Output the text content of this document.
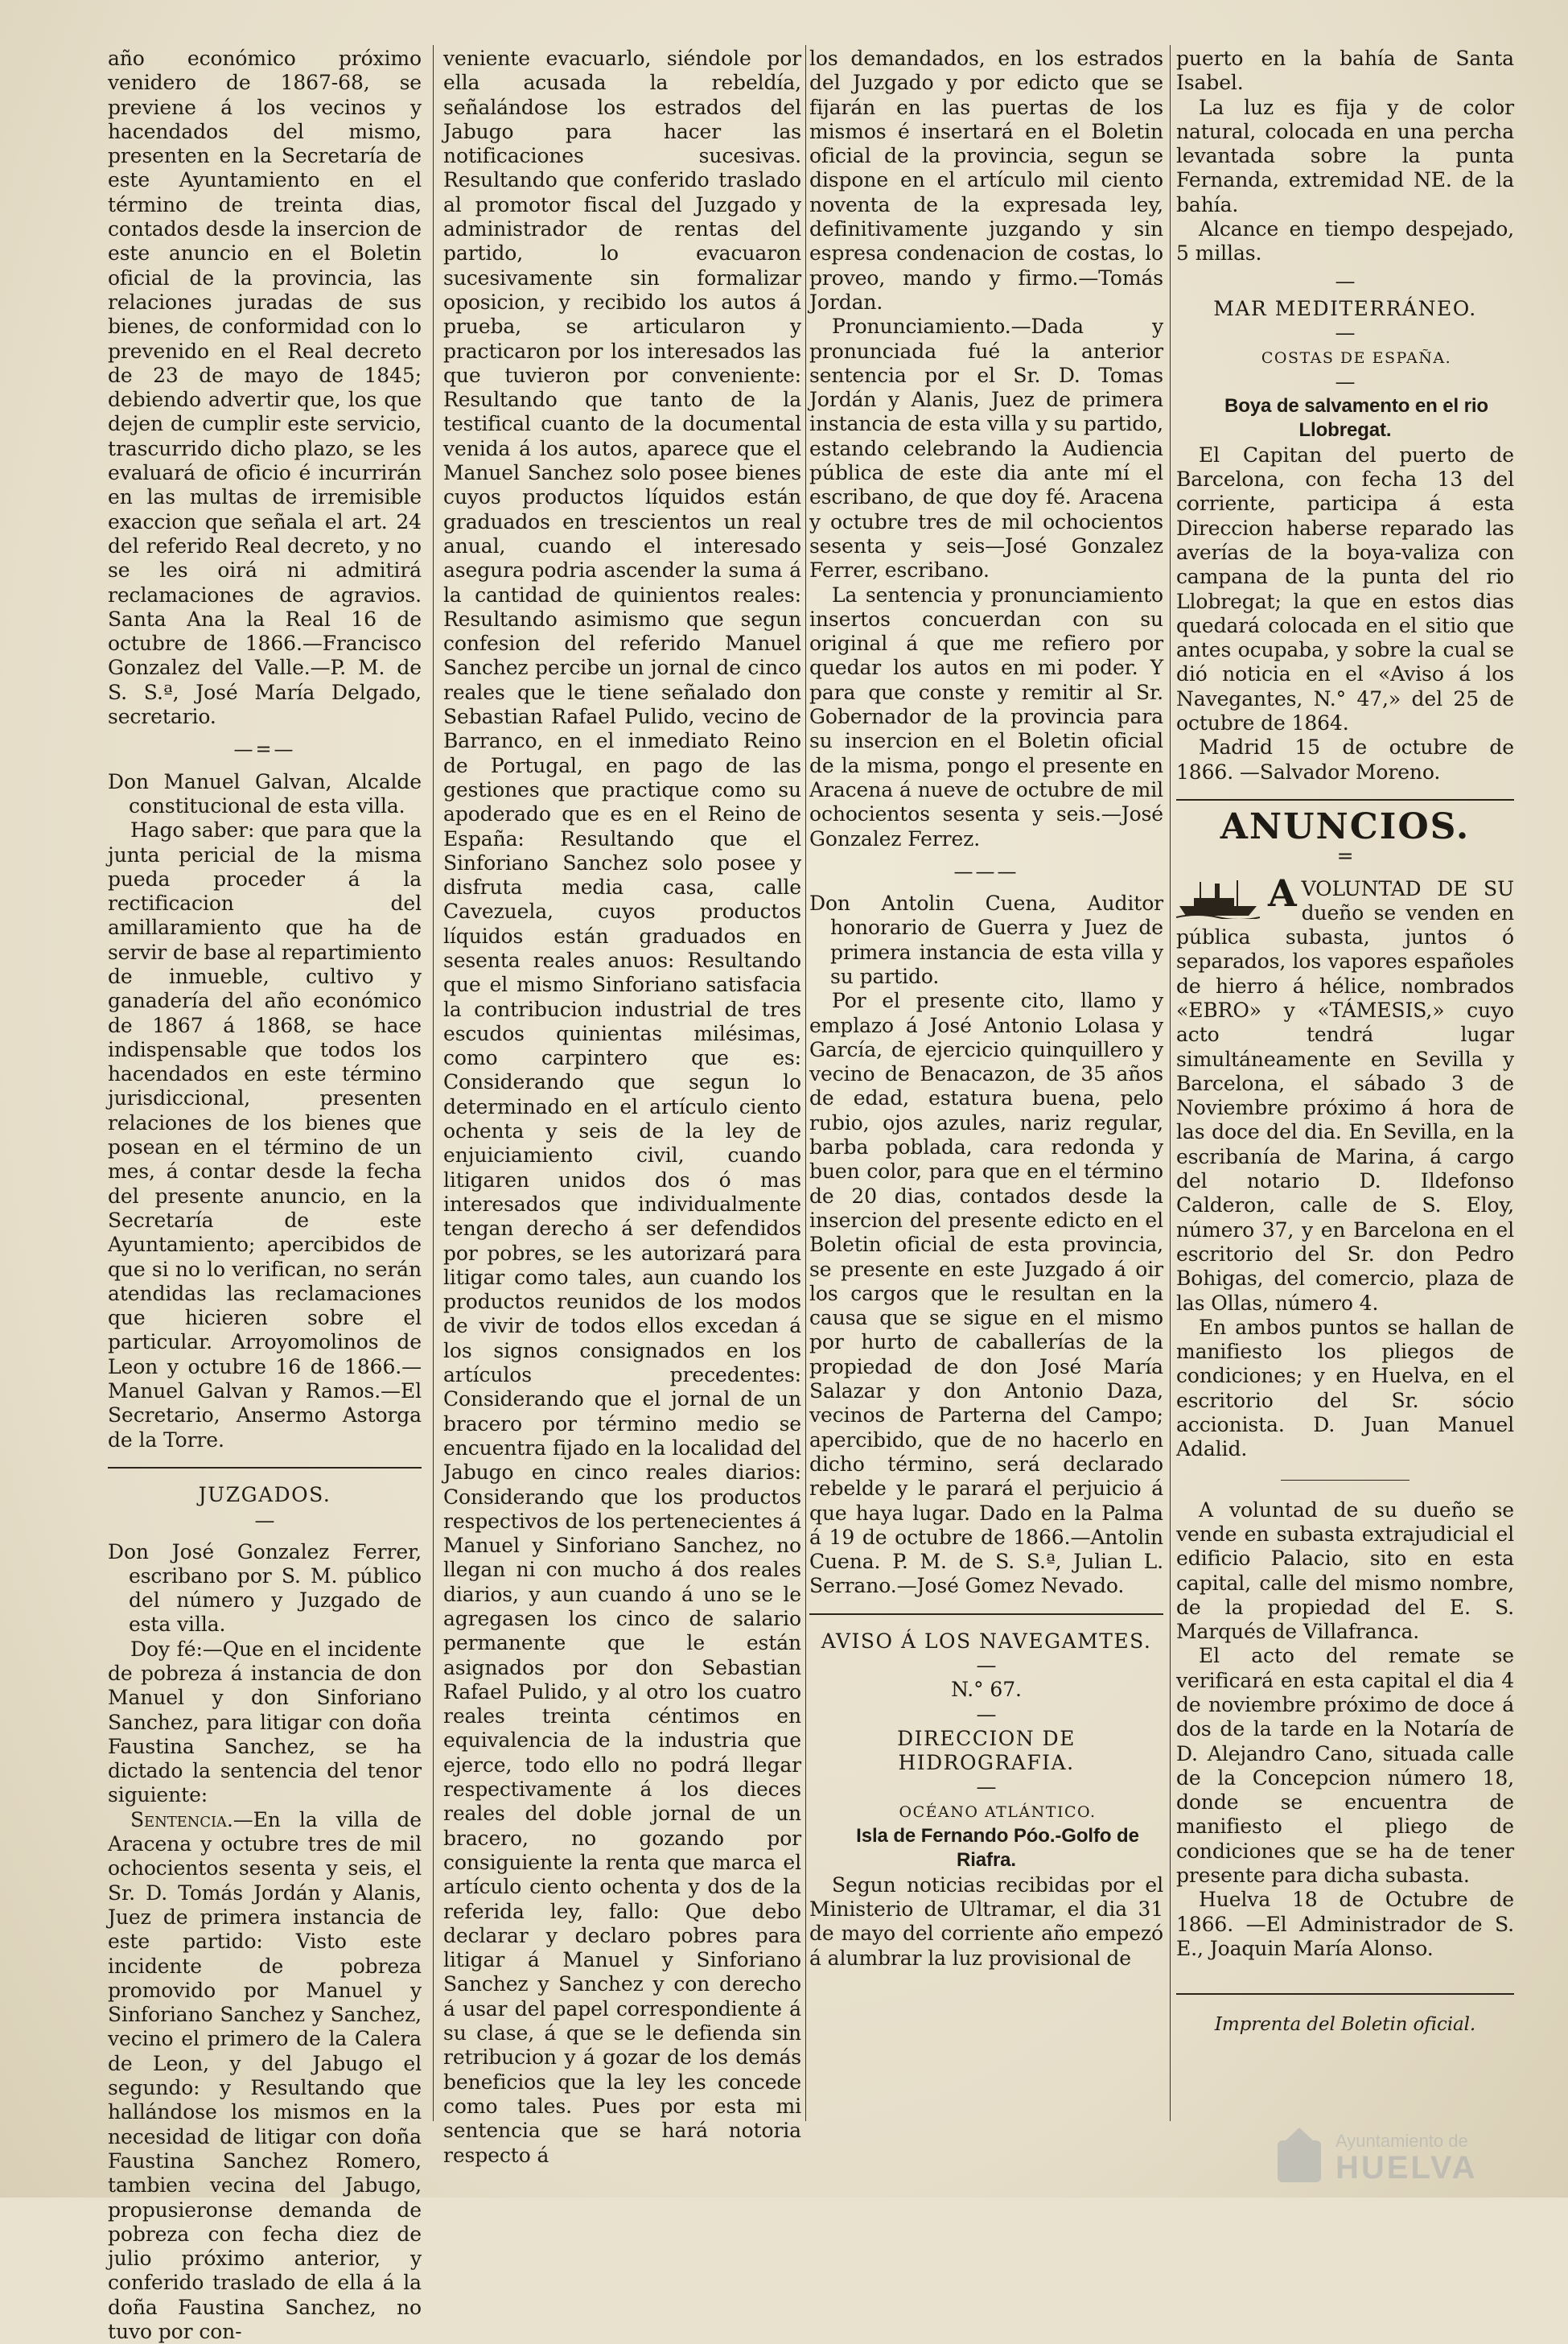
año económico próximo venidero de 1867-68, se previene á los vecinos y hacendados del mismo, presenten en la Secretaría de este Ayuntamiento en el término de treinta dias, contados desde la insercion de este anuncio en el Boletin oficial de la provincia, las relaciones juradas de sus bienes, de conformidad con lo prevenido en el Real decreto de 23 de mayo de 1845; debiendo advertir que, los que dejen de cumplir este servicio, trascurrido dicho plazo, se les evaluará de oficio é incurrirán en las multas de irremisible exaccion que señala el art. 24 del referido Real decreto, y no se les oirá ni admitirá reclamaciones de agravios. Santa Ana la Real 16 de octubre de 1866.—Francisco Gonzalez del Valle.—P. M. de S. S.ª, José María Delgado, secretario.

—=—

Don Manuel Galvan, Alcalde constitucional de esta villa.

Hago saber: que para que la junta pericial de la misma pueda proceder á la rectificacion del amillaramiento que ha de servir de base al repartimiento de inmueble, cultivo y ganadería del año económico de 1867 á 1868, se hace indispensable que todos los hacendados en este término jurisdiccional, presenten relaciones de los bienes que posean en el término de un mes, á contar desde la fecha del presente anuncio, en la Secretaría de este Ayuntamiento; apercibidos de que si no lo verifican, no serán atendidas las reclamaciones que hicieren sobre el particular. Arroyomolinos de Leon y octubre 16 de 1866.—Manuel Galvan y Ramos.—El Secretario, Ansermo Astorga de la Torre.

JUZGADOS.

—

Don José Gonzalez Ferrer, escribano por S. M. público del número y Juzgado de esta villa.

Doy fé:—Que en el incidente de pobreza á instancia de don Manuel y don Sinforiano Sanchez, para litigar con doña Faustina Sanchez, se ha dictado la sentencia del tenor siguiente:

Sentencia.—En la villa de Aracena y octubre tres de mil ochocientos sesenta y seis, el Sr. D. Tomás Jordán y Alanis, Juez de primera instancia de este partido: Visto este incidente de pobreza promovido por Manuel y Sinforiano Sanchez y Sanchez, vecino el primero de la Calera de Leon, y del Jabugo el segundo: y Resultando que hallándose los mismos en la necesidad de litigar con doña Faustina Sanchez Romero, tambien vecina del Jabugo, propusieronse demanda de pobreza con fecha diez de julio próximo anterior, y conferido traslado de ella á la doña Faustina Sanchez, no tuvo por con-

veniente evacuarlo, siéndole por ella acusada la rebeldía, señalándose los estrados del Jabugo para hacer las notificaciones sucesivas. Resultando que conferido traslado al promotor fiscal del Juzgado y administrador de rentas del partido, lo evacuaron sucesivamente sin formalizar oposicion, y recibido los autos á prueba, se articularon y practicaron por los interesados las que tuvieron por conveniente: Resultando que tanto de la testifical cuanto de la documental venida á los autos, aparece que el Manuel Sanchez solo posee bienes cuyos productos líquidos están graduados en trescientos un real anual, cuando el interesado asegura podria ascender la suma á la cantidad de quinientos reales: Resultando asimismo que segun confesion del referido Manuel Sanchez percibe un jornal de cinco reales que le tiene señalado don Sebastian Rafael Pulido, vecino de Barranco, en el inmediato Reino de Portugal, en pago de las gestiones que practique como su apoderado que es en el Reino de España: Resultando que el Sinforiano Sanchez solo posee y disfruta media casa, calle Cavezuela, cuyos productos líquidos están graduados en sesenta reales anuos: Resultando que el mismo Sinforiano satisfacia la contribucion industrial de tres escudos quinientas milésimas, como carpintero que es: Considerando que segun lo determinado en el artículo ciento ochenta y seis de la ley de enjuiciamiento civil, cuando litigaren unidos dos ó mas interesados que individualmente tengan derecho á ser defendidos por pobres, se les autorizará para litigar como tales, aun cuando los productos reunidos de los modos de vivir de todos ellos excedan á los signos consignados en los artículos precedentes: Considerando que el jornal de un bracero por término medio se encuentra fijado en la localidad del Jabugo en cinco reales diarios: Considerando que los productos respectivos de los pertenecientes á Manuel y Sinforiano Sanchez, no llegan ni con mucho á dos reales diarios, y aun cuando á uno se le agregasen los cinco de salario permanente que le están asignados por don Sebastian Rafael Pulido, y al otro los cuatro reales treinta céntimos en equivalencia de la industria que ejerce, todo ello no podrá llegar respectivamente á los dieces reales del doble jornal de un bracero, no gozando por consiguiente la renta que marca el artículo ciento ochenta y dos de la referida ley, fallo: Que debo declarar y declaro pobres para litigar á Manuel y Sinforiano Sanchez y Sanchez y con derecho á usar del papel correspondiente á su clase, á que se le defienda sin retribucion y á gozar de los demás beneficios que la ley les concede como tales. Pues por esta mi sentencia que se hará notoria respecto á

los demandados, en los estrados del Juzgado y por edicto que se fijarán en las puertas de los mismos é insertará en el Boletin oficial de la provincia, segun se dispone en el artículo mil ciento noventa de la expresada ley, definitivamente juzgando y sin espresa condenacion de costas, lo proveo, mando y firmo.—Tomás Jordan.

Pronunciamiento.—Dada y pronunciada fué la anterior sentencia por el Sr. D. Tomas Jordán y Alanis, Juez de primera instancia de esta villa y su partido, estando celebrando la Audiencia pública de este dia ante mí el escribano, de que doy fé. Aracena y octubre tres de mil ochocientos sesenta y seis—José Gonzalez Ferrer, escribano.

La sentencia y pronunciamiento insertos concuerdan con su original á que me refiero por quedar los autos en mi poder. Y para que conste y remitir al Sr. Gobernador de la provincia para su insercion en el Boletin oficial de la misma, pongo el presente en Aracena á nueve de octubre de mil ochocientos sesenta y seis.—José Gonzalez Ferrez.

———

Don Antolin Cuena, Auditor honorario de Guerra y Juez de primera instancia de esta villa y su partido.

Por el presente cito, llamo y emplazo á José Antonio Lolasa y García, de ejercicio quinquillero y vecino de Benacazon, de 35 años de edad, estatura buena, pelo rubio, ojos azules, nariz regular, barba poblada, cara redonda y buen color, para que en el término de 20 dias, contados desde la insercion del presente edicto en el Boletin oficial de esta provincia, se presente en este Juzgado á oir los cargos que le resultan en la causa que se sigue en el mismo por hurto de caballerías de la propiedad de don José María Salazar y don Antonio Daza, vecinos de Parterna del Campo; apercibido, que de no hacerlo en dicho término, será declarado rebelde y le parará el perjuicio á que haya lugar. Dado en la Palma á 19 de octubre de 1866.—Antolin Cuena. P. M. de S. S.ª, Julian L. Serrano.—José Gomez Nevado.

AVISO Á LOS NAVEGAMTES.

—

N.° 67.

—

DIRECCION DE HIDROGRAFIA.

—

OCÉANO ATLÁNTICO.

Isla de Fernando Póo.-Golfo de Riafra.

Segun noticias recibidas por el Ministerio de Ultramar, el dia 31 de mayo del corriente año empezó á alumbrar la luz provisional de

puerto en la bahía de Santa Isabel.

La luz es fija y de color natural, colocada en una percha levantada sobre la punta Fernanda, extremidad NE. de la bahía.

Alcance en tiempo despejado, 5 millas.

—

MAR MEDITERRÁNEO.

—

COSTAS DE ESPAÑA.

—

Boya de salvamento en el rio Llobregat.

El Capitan del puerto de Barcelona, con fecha 13 del corriente, participa á esta Direccion haberse reparado las averías de la boya-valiza con campana de la punta del rio Llobregat; la que en estos dias quedará colocada en el sitio que antes ocupaba, y sobre la cual se dió noticia en el «Aviso á los Navegantes, N.° 47,» del 25 de octubre de 1864.

Madrid 15 de octubre de 1866. —Salvador Moreno.

ANUNCIOS.
=

AVOLUNTAD DE SU dueño se venden en pública subasta, juntos ó separados, los vapores españoles de hierro á hélice, nombrados «EBRO» y «TÁMESIS,» cuyo acto tendrá lugar simultáneamente en Sevilla y Barcelona, el sábado 3 de Noviembre próximo á hora de las doce del dia. En Sevilla, en la escribanía de Marina, á cargo del notario D. Ildefonso Calderon, calle de S. Eloy, número 37, y en Barcelona en el escritorio del Sr. don Pedro Bohigas, del comercio, plaza de las Ollas, número 4.

En ambos puntos se hallan de manifiesto los pliegos de condiciones; y en Huelva, en el escritorio del Sr. sócio accionista. D. Juan Manuel Adalid.

A voluntad de su dueño se vende en subasta extrajudicial el edificio Palacio, sito en esta capital, calle del mismo nombre, de la propiedad del E. S. Marqués de Villafranca.

El acto del remate se verificará en esta capital el dia 4 de noviembre próximo de doce á dos de la tarde en la Notaría de D. Alejandro Cano, situada calle de la Concepcion número 18, donde se encuentra de manifiesto el pliego de condiciones que se ha de tener presente para dicha subasta.

Huelva 18 de Octubre de 1866. —El Administrador de S. E., Joaquin María Alonso.

Imprenta del Boletin oficial.
Ayuntamiento de
HUELVA
